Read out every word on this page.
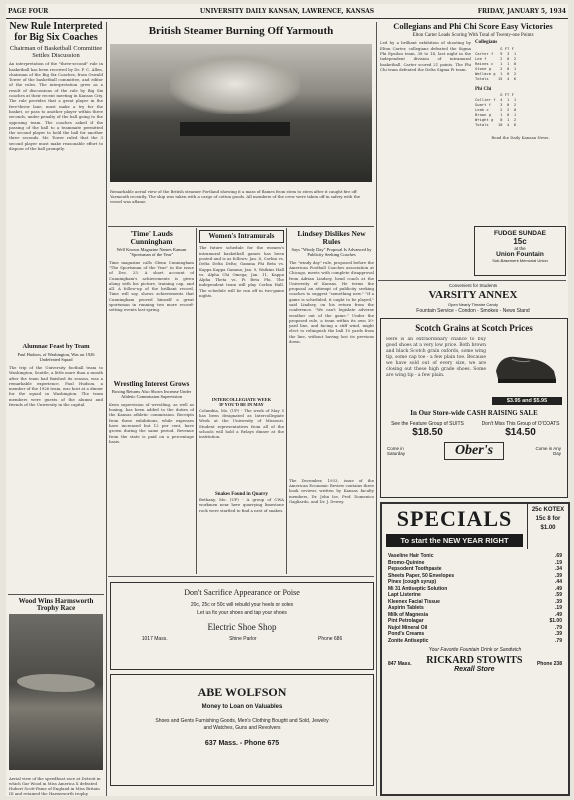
PAGE FOUR	UNIVERSITY DAILY KANSAN, LAWRENCE, KANSAS	FRIDAY, JANUARY 5, 1934

New Rule Interpreted for Big Six Coaches

Chairman of Basketball Committee Settles Discussion

An interpretation of the "three-second" rule in basketball has been received by Dr. F. C. Allen, chairman of the Big Six Coaches, from Oswald Tower of the basketball committee, and editor of the rules. The interpretation grew as a result of discussions of the rule by Big Six coaches at their recent meeting in Kansas City. The rule provides that a great player in the free-throw lane, must make a try for the basket, or pass to another player within three seconds, under penalty of the ball going to the opposing team. The coaches asked if the passing of the ball to a teammate permitted the second player to hold the ball for another three seconds. Mr. Tower ruled that the 3 second player must make reasonable effort to dispose of the ball promptly.

Alumnae Feast by Team

Paul Hudson, of Washington, Was on 1926 Undefeated Squad

The trip of the University football team to Washington, Seattle, a little more than a month after the team had finished its season, was a remarkable experience. Paul Hudson, a member of the 1926 team, was host at a dinner for the squad in Washington. The team members were guests of the alumni and friends of the University in the capital.

Wood Wins Harmsworth Trophy Race

Aerial view of the speedboat race at Detroit in which Gar Wood in Miss America X defeated Hubert Scott-Paine of England in Miss Britain III and retained the Harmsworth trophy.

British Steamer Burning Off Yarmouth

Remarkable aerial view of the British steamer Portland showing it a mass of flames from stem to stern after it caught fire off Yarmouth recently. The ship was taken with a cargo of cotton goods. All members of the crew were taken off in safety with the vessel was aflame.

'Time' Lauds Cunningham

Well Known Magazine Names Kansan "Sportsman of the Year"

Time magazine calls Glenn Cunningham "The Sportsman of the Year" in the issue of Dec. 25. A short account of Cunningham's achievements is given along with his picture, training cap, and all. A follow-up of the brilliant record, Time will say, shows achievements that Cunningham proved himself a great sportsman in running two more record-setting events last spring.

Wrestling Interest Grows

Boxing Returns Also Shows Increase Under Athletic Commission Supervision

Keen supervision of wrestling, as well as boxing, has been added to the duties of the Kansas athletic commission. Receipts from these exhibitions, while expenses have increased but 12 per cent, have grown during the same period. Revenue from the state is paid on a percentage basis.

Women's Intramurals

The future schedule for the women's intramural basketball games has been posted and is as follows: Jan. 8, Corbin vs. Delta Delta Delta; Gamma Phi Beta vs. Kappa Kappa Gamma; Jan. 9, Watkins Hall vs. Alpha Chi Omega; Jan. 11, Kappa Alpha Theta vs. Pi Beta Phi. The independent team will play Corbin Hall. The schedule will be run off in two-game nights.

INTERCOLLEGIATE WEEK

IF YOU'D BE IN MAY

Columbia, Mo. (UP) - The week of May 5 has been designated as Intercollegiate Week at the University of Missouri. Student representatives from all of the schools will hold a Relays dinner at the institution.

Snakes Found in Quarry

Bethany, Mo. (UP) - A group of CWA workmen near here quarrying limestone rock were startled to find a nest of snakes.

Lindsey Dislikes New Rules

Says "Windy Day" Proposal Is Advanced by Publicity Seeking Coaches

The "windy day" rule, proposed before the American Football Coaches association at Chicago, meets with complete disapproval from Adrian Lindsey, head coach at the University of Kansas. He terms the proposal an attempt of publicity seeking coaches to suggest "something new." "If a game is scheduled, it ought to be played," said Lindsey, on his return from the conference. "We can't legislate adverse weather out of the game." Under the proposed rule, a team within its own 30-yard line, and facing a stiff wind, might elect to relinquish the ball 10 yards from the line, without having lost its previous down.

The December, 1933, issue of the American Economic Review contains three book reviews written by Kansas faculty members, Dr. John Ise, Prof. Domenico Gagliardo, and Dr. J. Dewey.

Don't Sacrifice Appearance or Poise

20c, 25c or 50c will rebuild your heels or soles

Let us fix your shoes and tap your shoes

Electric Shoe Shop

1017 Mass.	Shine Parlor	Phone 686

ABE WOLFSON

Money to Loan on Valuables

Shoes and Gents Furnishing Goods, Men's Clothing Bought and Sold, Jewelry and Watches, Guns and Revolvers

637 Mass. - Phone 675

Collegians and Phi Chi Score Easy Victories

Elton Carter Leads Scoring With Total of Twenty-one Points

Led by a brilliant exhibition of shooting by Elton Carter, collegians defeated the Sigma Phi Epsilon team, 38 to 14, last night in the Independent division of intramural basketball. Carter scored 21 points. The Phi Chi team defeated the Delta Sigma Pi team.

Collegians

G FT F
Carter f   9  3  1
Lee f      2  0  2
Raines c   1  1  0
Stone g    2  0  1
Wallace g  1  0  2
Totals    15  4  6

Phi Chi

G FT F
Collier f  4  1  1
Swart f    3  0  2
Leak c     2  2  0
Brown g    1  0  1
Wright g   0  1  2
Totals    10  4  6

Read the Daily Kansan News.

FUDGE SUNDAE

15c

at the

Union Fountain

Sub-Basement Memorial Union

Convenient for Students

VARSITY ANNEX

Open Nearly Theatre Candy

Fountain Service - Condon - Smokes - News Stand

Scotch Grains at Scotch Prices

Here is an extraordinary chance to buy good shoes at a very low price. Both brown and black Scotch grain oxfords, some wing tip, some cap toe - a few plain toe. Because we have sold out of every size, we are closing out these high grade shoes. Some are wing tip - a few plain.

$3.95 and $5.95

In Our Store-wide CASH RAISING SALE

See the Feature Group of SUITS

$18.50

Don't Miss This Group of O'COATS

$14.50

Come in Saturday	Ober's	Come in Any Day

SPECIALS

To start the NEW YEAR RIGHT

25c KOTEX 15c 8 for $1.00

Vaseline Hair Tonic	.69
Bromo-Quinine	.19
Pepsodent Toothpaste	.34
Sheets Paper, 50 Envelopes	.39
Pinex (cough syrup)	.44
Mi 31 Antiseptic Solution	.49
Lapt Listerine	.59
Kleenex Facial Tissue	.39
Aspirin Tablets	.19
Milk of Magnesia	.49
Pint Petrolagar	$1.00
Nujol Mineral Oil	.79
Pond's Creams	.39
Zonite Antiseptic	.79

Your Favorite Fountain Drink or Sandwich

847 Mass. RICKARD STOWITS

Rexall Store

Phone 238
